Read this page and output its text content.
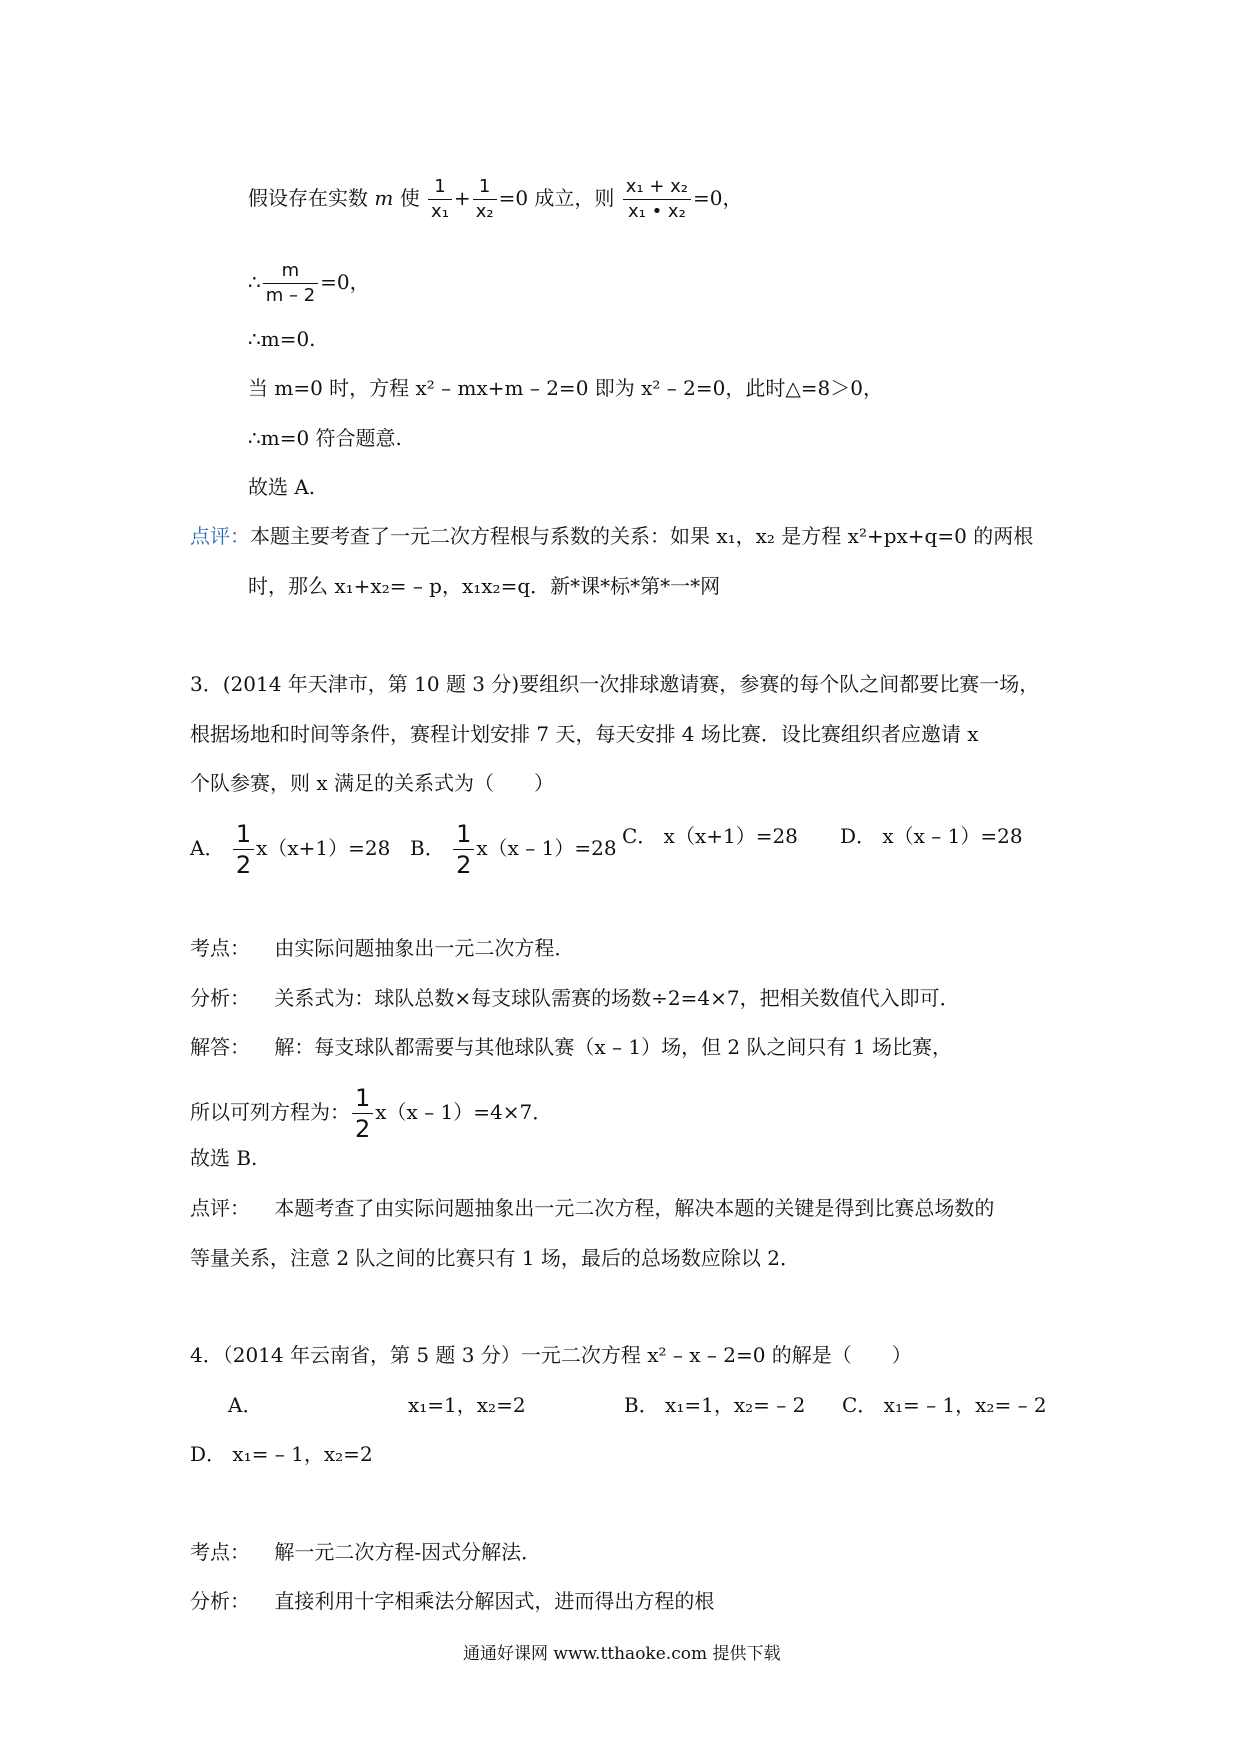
假设存在实数 m 使 $\frac{1}{\text{x₁}} + \frac{1}{\text{x₂}} =0$ 成立，则 $\frac{\text{x₁ + x₂}}{\text{x₁ • x₂}} =0$，
∴ $\frac{m}{m - 2} =0$，
∴m=0.
当 m=0 时，方程 x² – mx+m – 2=0 即为 x² – 2=0，此时△=8＞0，
∴m=0 符合题意.
故选 A.
点评：本题主要考查了一元二次方程根与系数的关系：如果 x₁，x₂ 是方程 x²+px+q=0 的两根
时，那么 x₁+x₂= – p，x₁x₂=q．新*课*标*第*一*网
3．(2014 年天津市，第 10 题 3 分)要组织一次排球邀请赛，参赛的每个队之间都要比赛一场，
根据场地和时间等条件，赛程计划安排 7 天，每天安排 4 场比赛．设比赛组织者应邀请 x
个队参赛，则 x 满足的关系式为（　　）
A． $\frac{1}{2} x(x+1)=28$ B． $\frac{1}{2} x(x - 1)=28$ C． x（x+1）=28 D． x（x – 1）=28
考点： 由实际问题抽象出一元二次方程．
分析： 关系式为：球队总数×每支球队需赛的场数÷2=4×7，把相关数值代入即可．
解答： 解：每支球队都需要与其他球队赛（x – 1）场，但 2 队之间只有 1 场比赛，
所以可列方程为： $\frac{1}{2} x(x - 1)=4\times 7$．
故选 B.
点评： 本题考查了由实际问题抽象出一元二次方程，解决本题的关键是得到比赛总场数的
等量关系，注意 2 队之间的比赛只有 1 场，最后的总场数应除以 2．
4．（2014 年云南省，第 5 题 3 分）一元二次方程 x² – x – 2=0 的解是（　　）
A．	x₁=1，x₂=2	B． x₁=1，x₂= – 2 C． x₁= – 1，x₂= – 2
D． x₁= – 1，x₂=2
考点： 解一元二次方程-因式分解法．
分析： 直接利用十字相乘法分解因式，进而得出方程的根
通通好课网 www.tthaoke.com 提供下载
